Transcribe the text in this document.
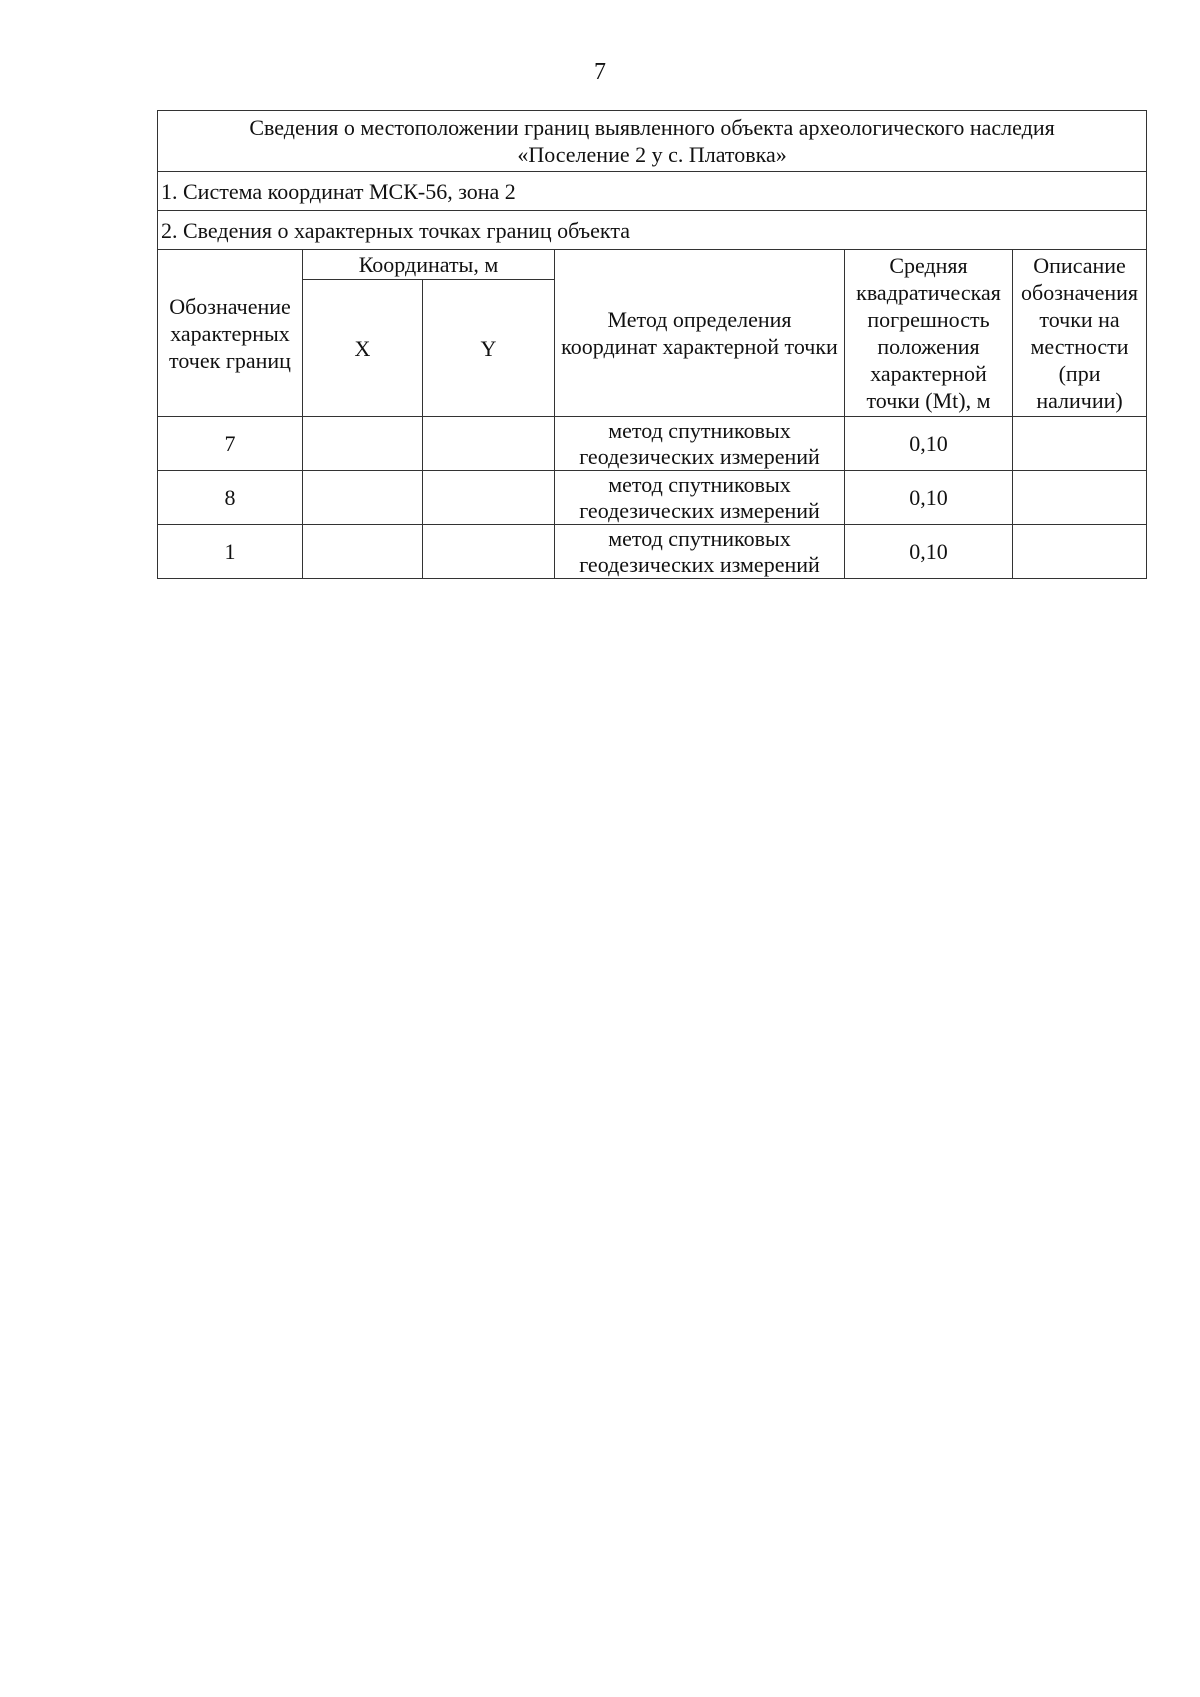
7
Сведения о местоположении границ выявленного объекта археологического наследия
«Поселение 2 у с. Платовка»					

1. Система координат МСК-56, зона 2					
2. Сведения о характерных точках границ объекта					
Обозначение характерных точек границ	Координаты, м		Метод определения координат характерной точки	Средняя квадратическая погрешность положения характерной точки (Mt), м	Описание обозначения точки на местности (при наличии)
	X	Y			
7			метод спутниковых геодезических измерений	0,10	
8			метод спутниковых геодезических измерений	0,10	
1			метод спутниковых геодезических измерений	0,10	
